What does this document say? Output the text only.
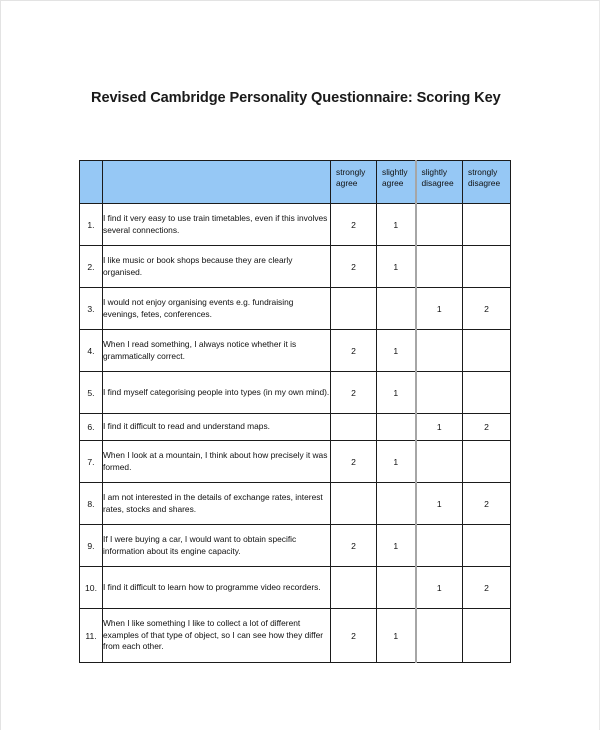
Revised Cambridge Personality Questionnaire: Scoring Key

		strongly agree	slightly agree	slightly disagree	strongly disagree

1.	I find it very easy to use train timetables, even if this involves several connections.	2	1		
2.	I like music or book shops because they are clearly organised.	2	1		
3.	I would not enjoy organising events e.g. fundraising evenings, fetes, conferences.			1	2
4.	When I read something, I always notice whether it is grammatically correct.	2	1		
5.	I find myself categorising people into types (in my own mind).	2	1		
6.	I find it difficult to read and understand maps.			1	2
7.	When I look at a mountain, I think about how precisely it was formed.	2	1		
8.	I am not interested in the details of exchange rates, interest rates, stocks and shares.			1	2
9.	If I were buying a car, I would want to obtain specific information about its engine capacity.	2	1		
10.	I find it difficult to learn how to programme video recorders.			1	2
11.	When I like something I like to collect a lot of different examples of that type of object, so I can see how they differ from each other.	2	1		
